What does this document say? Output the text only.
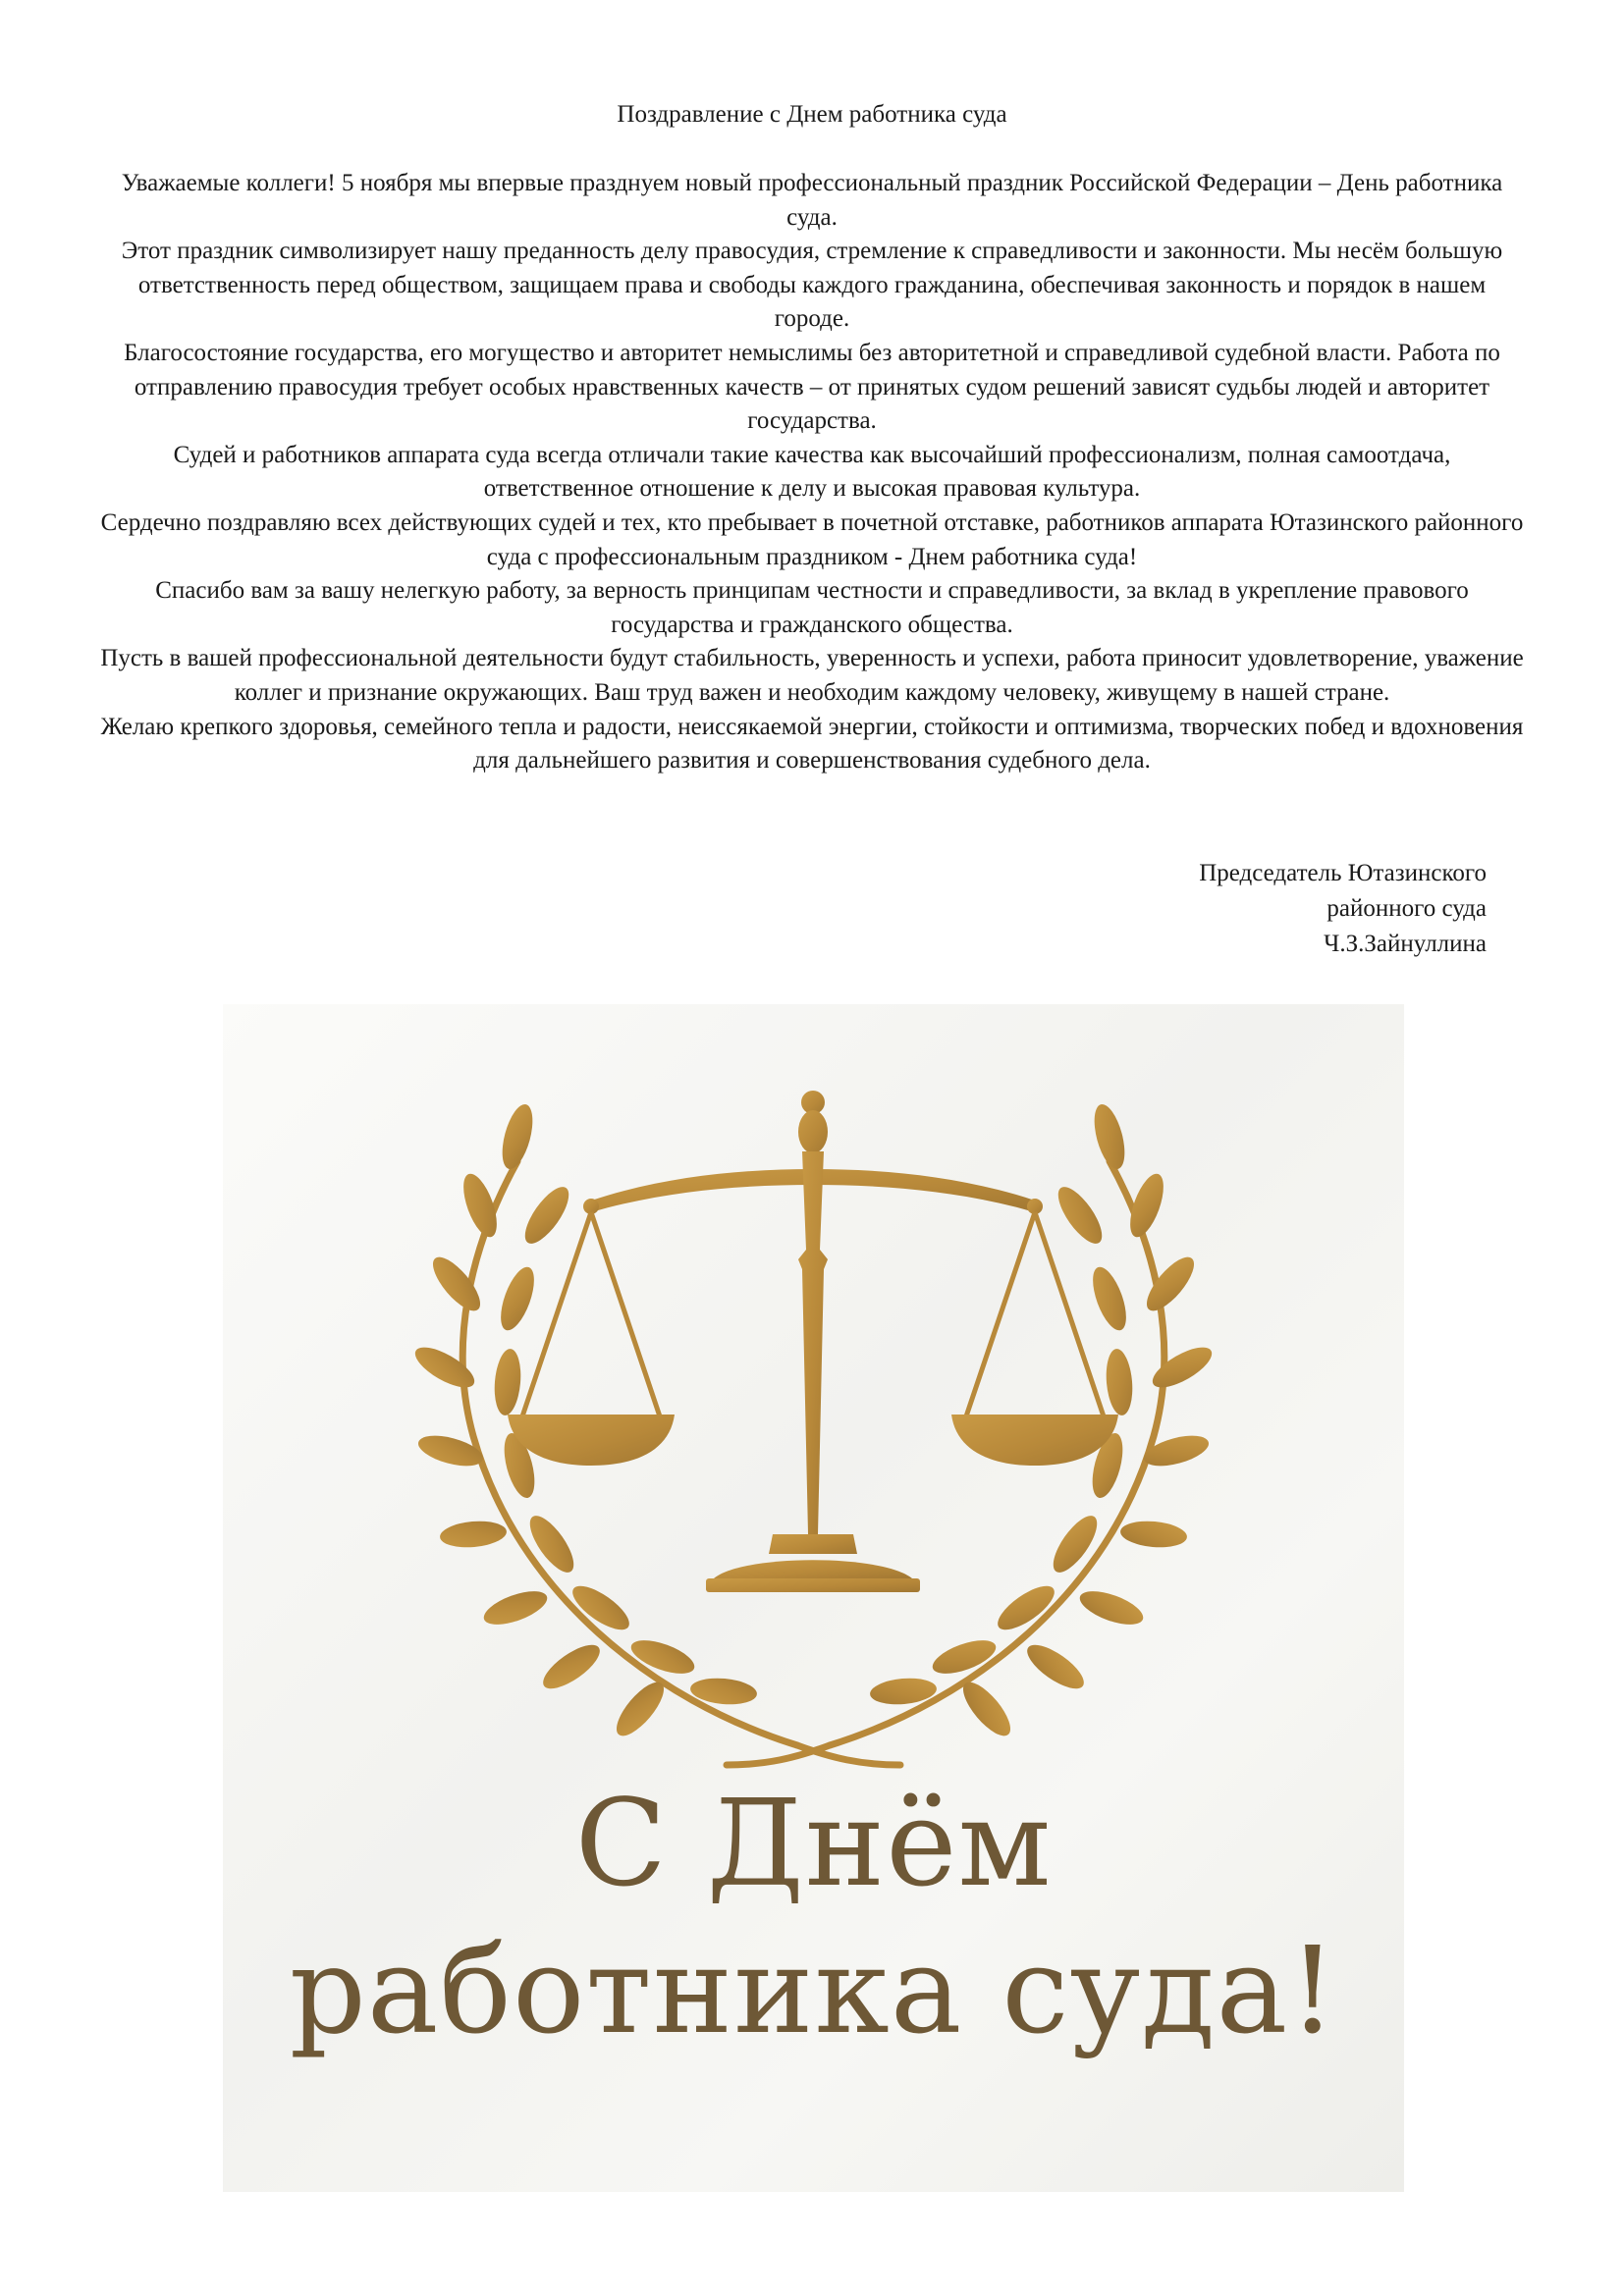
Поздравление с Днем работника суда

Уважаемые коллеги! 5 ноября мы впервые празднуем новый профессиональный праздник Российской Федерации – День работника суда.

Этот праздник символизирует нашу преданность делу правосудия, стремление к справедливости и законности. Мы несём большую ответственность перед обществом, защищаем права и свободы каждого гражданина, обеспечивая законность и порядок в нашем городе.

Благосостояние государства, его могущество и авторитет немыслимы без авторитетной и справедливой судебной власти. Работа по отправлению правосудия требует особых нравственных качеств – от принятых судом решений зависят судьбы людей и авторитет государства.

Судей и работников аппарата суда всегда отличали такие качества как высочайший профессионализм, полная самоотдача, ответственное отношение к делу и высокая правовая культура.

Сердечно поздравляю всех действующих судей и тех, кто пребывает в почетной отставке, работников аппарата Ютазинского районного суда с профессиональным праздником - Днем работника суда!

Спасибо вам за вашу нелегкую работу, за верность принципам честности и справедливости, за вклад в укрепление правового государства и гражданского общества.

Пусть в вашей профессиональной деятельности будут стабильность, уверенность и успехи, работа приносит удовлетворение, уважение коллег и признание окружающих. Ваш труд важен и необходим каждому человеку, живущему в нашей стране.

Желаю крепкого здоровья, семейного тепла и радости, неиссякаемой энергии, стойкости и оптимизма, творческих побед и вдохновения для дальнейшего развития и совершенствования судебного дела.

Председатель Ютазинского
районного суда
Ч.З.Зайнуллина
С Днём
работника суда!
